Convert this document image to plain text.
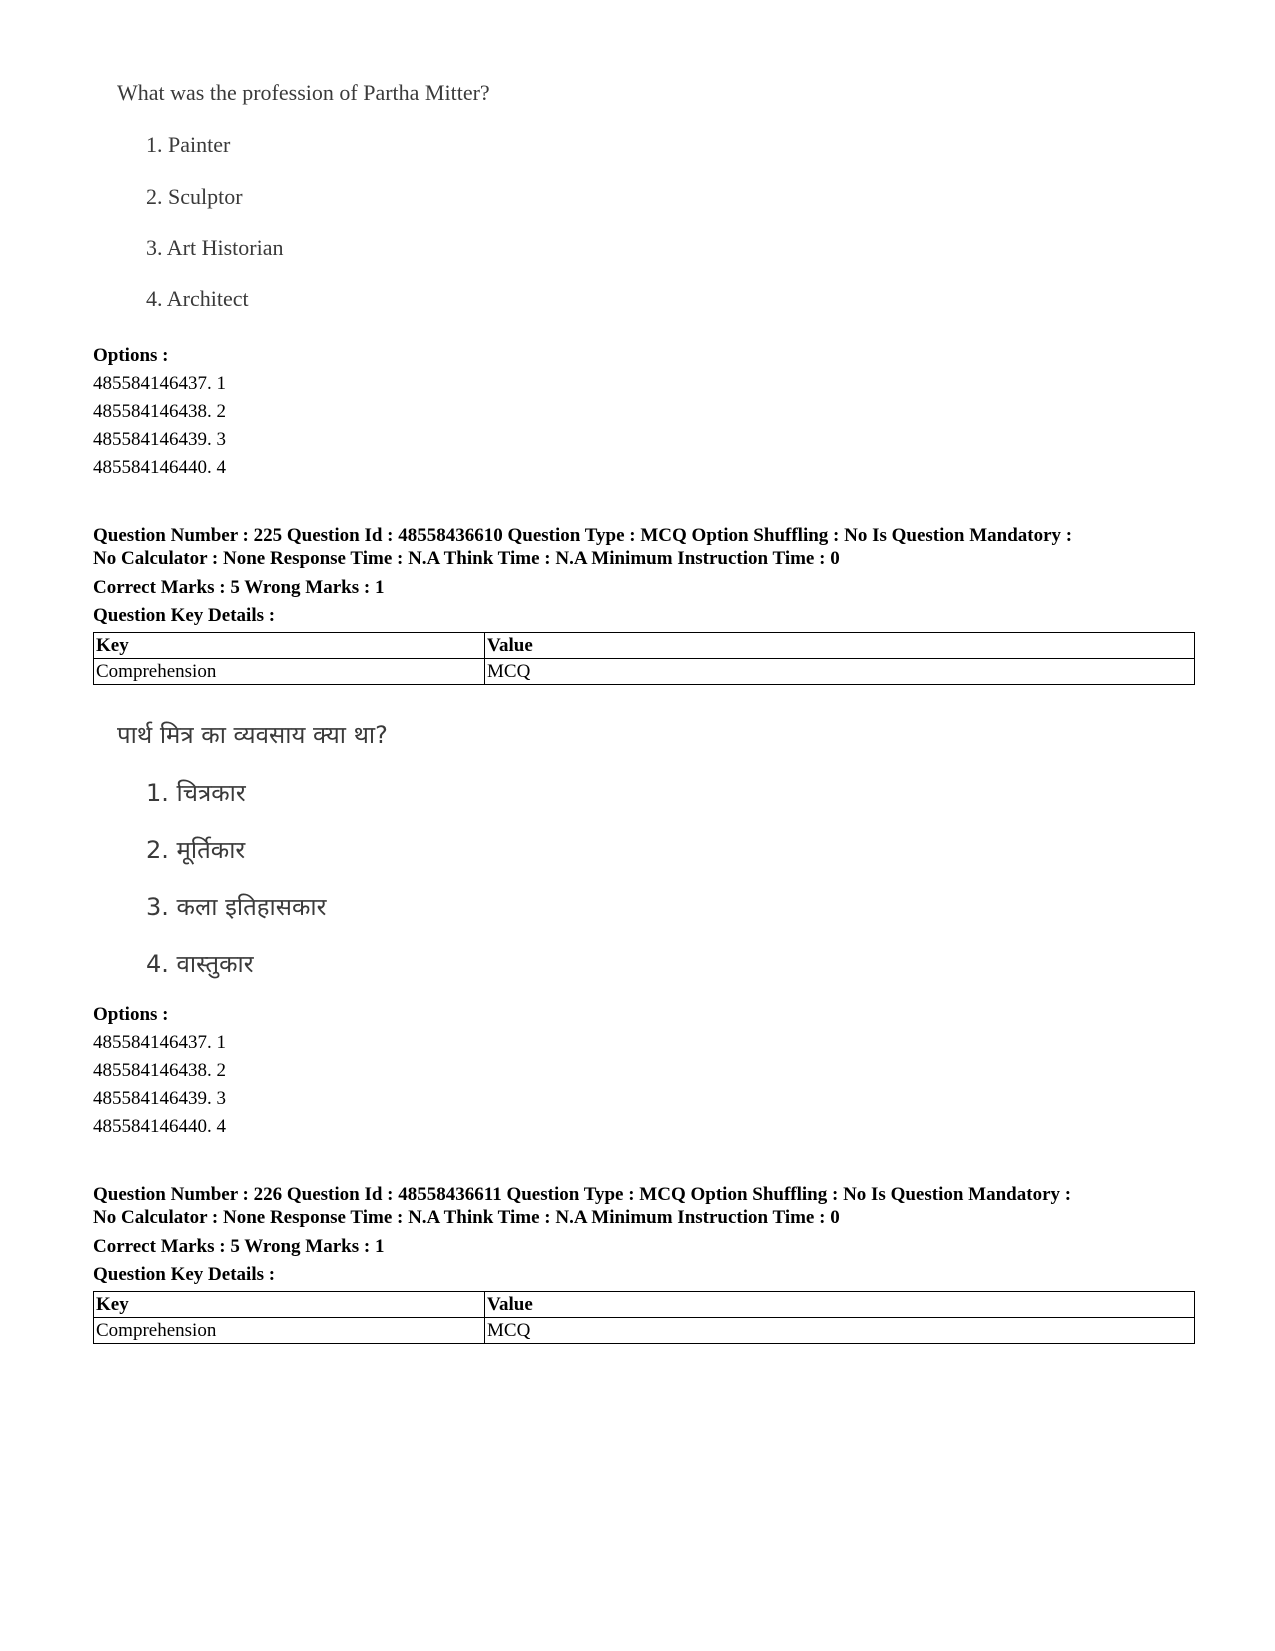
What was the profession of Partha Mitter?
1. Painter
2. Sculptor
3. Art Historian
4. Architect
Options :
485584146437. 1
485584146438. 2
485584146439. 3
485584146440. 4
Question Number : 225 Question Id : 48558436610 Question Type : MCQ Option Shuffling : No Is Question Mandatory :
No Calculator : None Response Time : N.A Think Time : N.A Minimum Instruction Time : 0
Correct Marks : 5 Wrong Marks : 1
Question Key Details :
Key	Value
Comprehension	MCQ
पार्थ मित्र का व्यवसाय क्या था?
1. चित्रकार
2. मूर्तिकार
3. कला इतिहासकार
4. वास्तुकार
Options :
485584146437. 1
485584146438. 2
485584146439. 3
485584146440. 4
Question Number : 226 Question Id : 48558436611 Question Type : MCQ Option Shuffling : No Is Question Mandatory :
No Calculator : None Response Time : N.A Think Time : N.A Minimum Instruction Time : 0
Correct Marks : 5 Wrong Marks : 1
Question Key Details :
Key	Value
Comprehension	MCQ
